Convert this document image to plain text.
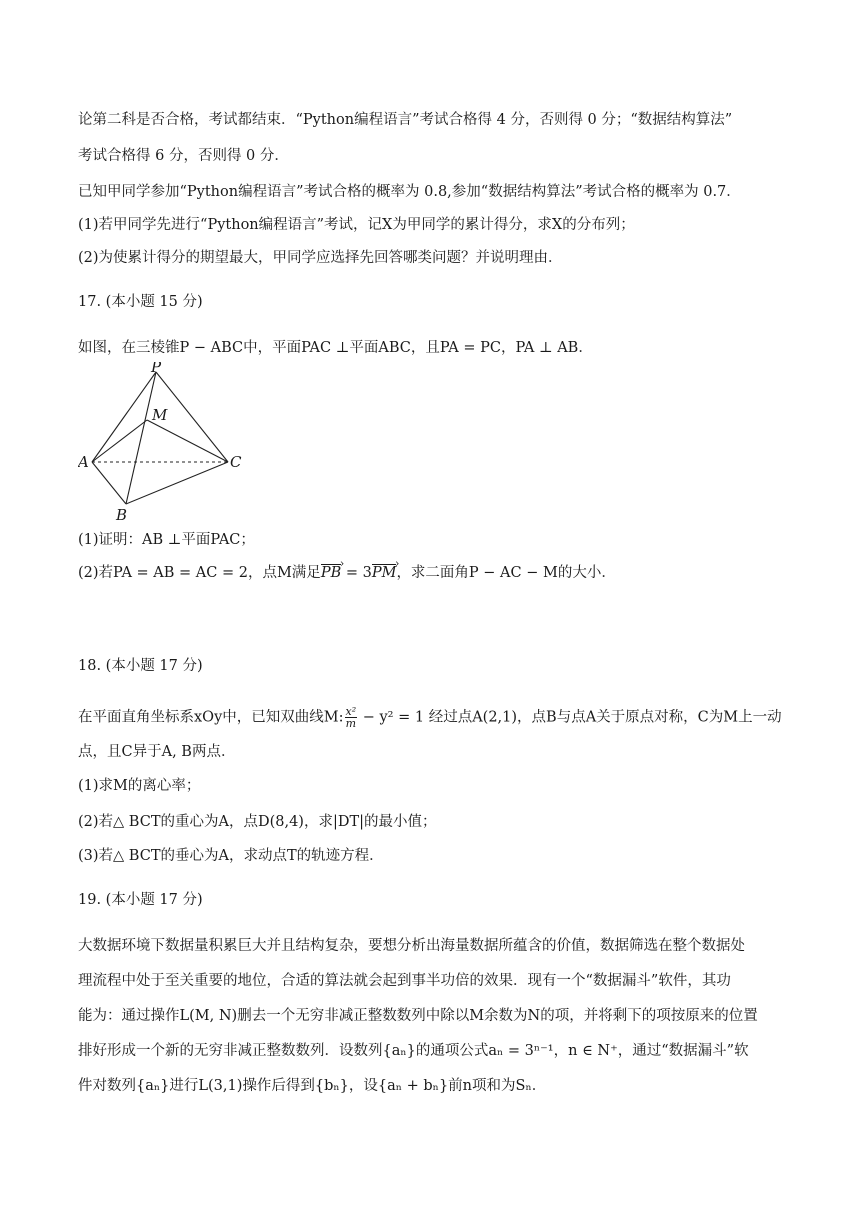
论第二科是否合格，考试都结束．“Python编程语言”考试合格得 4 分，否则得 0 分；“数据结构算法”
考试合格得 6 分，否则得 0 分．
已知甲同学参加“Python编程语言”考试合格的概率为 0.8,参加“数据结构算法”考试合格的概率为 0.7．
(1)若甲同学先进行“Python编程语言”考试，记X为甲同学的累计得分，求X的分布列；
(2)为使累计得分的期望最大，甲同学应选择先回答哪类问题？并说明理由．
17. (本小题 15 分)
如图，在三棱锥P − ABC中，平面PAC ⊥平面ABC，且PA = PC，PA ⊥ AB．
P
M
A	C
B
(1)证明：AB ⊥平面PAC；
(2)若PA = AB = AC = 2，点M满足PB › = 3PM ›，求二面角P − AC − M的大小．
18. (本小题 17 分)
在平面直角坐标系xOy中，已知双曲线M: $\frac{\text{x²}}{m} - y^2 = 1$ 经过点A(2,1)，点B与点A关于原点对称，C为M上一动
点，且C异于A, B两点．
(1)求M的离心率；
(2)若△ BCT的重心为A，点D(8,4)，求|DT|的最小值；
(3)若△ BCT的垂心为A，求动点T的轨迹方程．
19. (本小题 17 分)
大数据环境下数据量积累巨大并且结构复杂，要想分析出海量数据所蕴含的价值，数据筛选在整个数据处
理流程中处于至关重要的地位，合适的算法就会起到事半功倍的效果．现有一个“数据漏斗”软件，其功
能为：通过操作L(M, N)删去一个无穷非减正整数数列中除以M余数为N的项，并将剩下的项按原来的位置
排好形成一个新的无穷非减正整数数列．设数列{aₙ}的通项公式aₙ = 3ⁿ⁻¹，n ∈ N⁺，通过“数据漏斗”软
件对数列{aₙ}进行L(3,1)操作后得到{bₙ}，设{aₙ + bₙ}前n项和为Sₙ．
